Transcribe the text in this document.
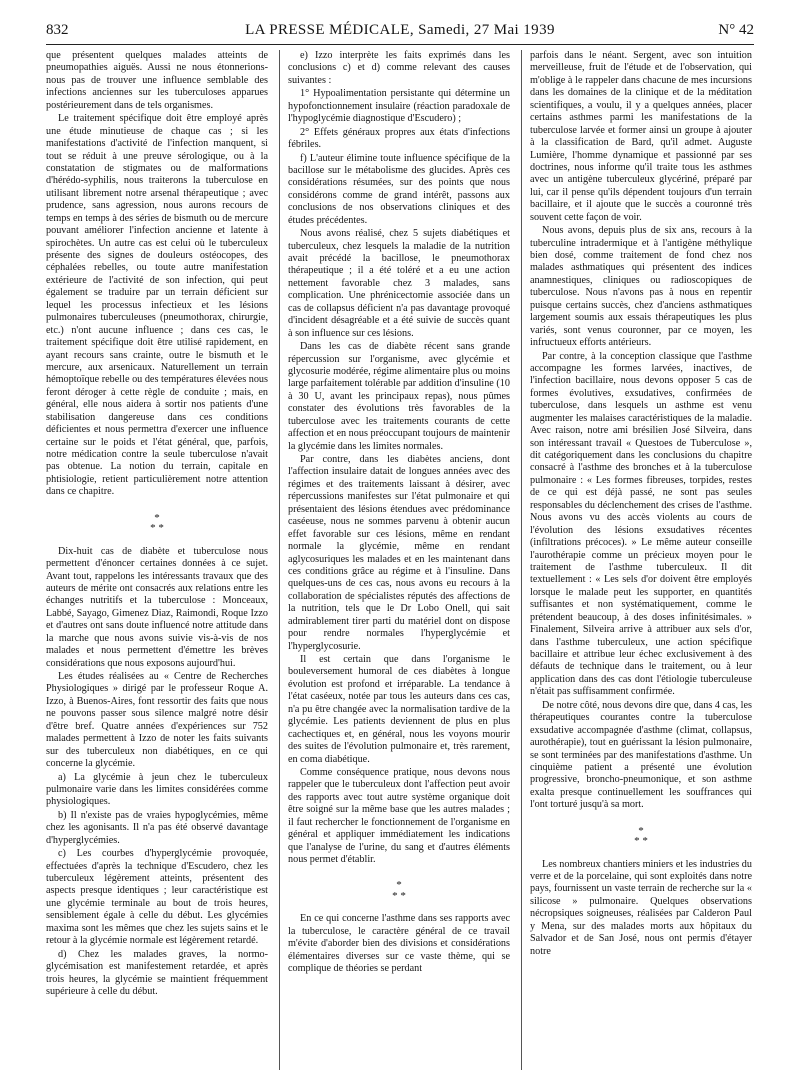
832	LA PRESSE MÉDICALE, Samedi, 27 Mai 1939	N° 42

que présentent quelques malades atteints de pneumopathies aiguës. Aussi ne nous étonnerions-nous pas de trouver une influence semblable des infections anciennes sur les tuberculoses apparues postérieurement dans de tels organismes.

Le traitement spécifique doit être employé après une étude minutieuse de chaque cas ; si les manifestations d'activité de l'infection manquent, si tout se réduit à une preuve sérologique, ou à la constatation de stigmates ou de malformations d'hérédo-syphilis, nous traiterons la tuberculose en utilisant librement notre arsenal thérapeutique ; avec prudence, sans agression, nous aurons recours de temps en temps à des séries de bismuth ou de mercure pouvant améliorer l'infection ancienne et latente à spirochètes. Un autre cas est celui où le tuberculeux présente des signes de douleurs ostéocopes, des céphalées rebelles, ou toute autre manifestation extérieure de l'activité de son infection, qui peut également se traduire par un terrain déficient sur lequel les processus infectieux et les lésions pulmonaires tuberculeuses (pneumothorax, chirurgie, etc.) n'ont aucune influence ; dans ces cas, le traitement spécifique doit être utilisé rapidement, en ayant recours sans crainte, outre le bismuth et le mercure, aux arsenicaux. Naturellement un terrain hémoptoïque rebelle ou des températures élevées nous feront déroger à cette règle de conduite ; mais, en général, elle nous aidera à sortir nos patients d'une stabilisation dangereuse dans ces conditions déficientes et nous permettra d'exercer une influence certaine sur le poids et l'état général, que, parfois, notre médication contre la seule tuberculose n'avait pas obtenue. La notion du terrain, capitale en phtisiologie, retient particulièrement notre attention dans ce chapitre.

*
* *

Dix-huit cas de diabète et tuberculose nous permettent d'énoncer certaines données à ce sujet. Avant tout, rappelons les intéressants travaux que des auteurs de mérite ont consacrés aux relations entre les échanges nutritifs et la tuberculose : Monceaux, Labbé, Sayago, Gimenez Diaz, Raimondi, Roque Izzo et d'autres ont sans doute influencé notre attitude dans la marche que nous avons suivie vis-à-vis de nos malades et nous permettent d'émettre les brèves considérations que nous exposons aujourd'hui.

Les études réalisées au « Centre de Recherches Physiologiques » dirigé par le professeur Roque A. Izzo, à Buenos-Aires, font ressortir des faits que nous ne pouvons passer sous silence malgré notre désir d'être bref. Quatre années d'expériences sur 752 malades permettent à Izzo de noter les faits suivants sur des tuberculeux non diabétiques, en ce qui concerne la glycémie.

a) La glycémie à jeun chez le tuberculeux pulmonaire varie dans les limites considérées comme physiologiques.

b) Il n'existe pas de vraies hypoglycémies, même chez les agonisants. Il n'a pas été observé davantage d'hyperglycémies.

c) Les courbes d'hyperglycémie provoquée, effectuées d'après la technique d'Escudero, chez les tuberculeux légèrement atteints, présentent des aspects presque identiques ; leur caractéristique est une glycémie terminale au bout de trois heures, sensiblement égale à celle du début. Les glycémies maxima sont les mêmes que chez les sujets sains et le retour à la glycémie normale est légèrement retardé.

d) Chez les malades graves, la normo-glycémisation est manifestement retardée, et après trois heures, la glycémie se maintient fréquemment supérieure à celle du début.

e) Izzo interprète les faits exprimés dans les conclusions c) et d) comme relevant des causes suivantes :

1° Hypoalimentation persistante qui détermine un hypofonctionnement insulaire (réaction paradoxale de l'hypoglycémie diagnostique d'Escudero) ;

2° Effets généraux propres aux états d'infections fébriles.

f) L'auteur élimine toute influence spécifique de la bacillose sur le métabolisme des glucides. Après ces considérations résumées, sur des points que nous considérons comme de grand intérêt, passons aux conclusions de nos observations cliniques et des études précédentes.

Nous avons réalisé, chez 5 sujets diabétiques et tuberculeux, chez lesquels la maladie de la nutrition avait précédé la bacillose, le pneumothorax thérapeutique ; il a été toléré et a eu une action nettement favorable chez 3 malades, sans complication. Une phrénicectomie associée dans un cas de collapsus déficient n'a pas davantage provoqué d'incident désagréable et a été suivie de succès quant à son influence sur ces lésions.

Dans les cas de diabète récent sans grande répercussion sur l'organisme, avec glycémie et glycosurie modérée, régime alimentaire plus ou moins large parfaitement tolérable par addition d'insuline (10 à 30 U, avant les principaux repas), nous pûmes constater des évolutions très favorables de la tuberculose avec les traitements courants de cette affection et en nous préoccupant toujours de maintenir la glycémie dans les limites normales.

Par contre, dans les diabètes anciens, dont l'affection insulaire datait de longues années avec des régimes et des traitements laissant à désirer, avec répercussions manifestes sur l'état pulmonaire et qui présentaient des lésions étendues avec prédominance caséeuse, nous ne sommes parvenu à obtenir aucun effet favorable sur ces lésions, même en rendant normale la glycémie, même en rendant aglycosuriques les malades et en les maintenant dans ces conditions grâce au régime et à l'insuline. Dans quelques-uns de ces cas, nous avons eu recours à la collaboration de spécialistes réputés des affections de la nutrition, tels que le Dr Lobo Onell, qui sait admirablement tirer parti du matériel dont on dispose pour rendre normales l'hyperglycémie et l'hyperglycosurie.

Il est certain que dans l'organisme le bouleversement humoral de ces diabètes à longue évolution est profond et irréparable. La tendance à l'état caséeux, notée par tous les auteurs dans ces cas, n'a pu être changée avec la normalisation tardive de la glycémie. Les patients deviennent de plus en plus cachectiques et, en général, nous les voyons mourir des suites de l'évolution pulmonaire et, très rarement, en coma diabétique.

Comme conséquence pratique, nous devons nous rappeler que le tuberculeux dont l'affection peut avoir des rapports avec tout autre système organique doit être soigné sur la même base que les autres malades ; il faut rechercher le fonctionnement de l'organisme en général et appliquer immédiatement les indications que l'analyse de l'urine, du sang et d'autres éléments nous permet d'établir.

*
* *

En ce qui concerne l'asthme dans ses rapports avec la tuberculose, le caractère général de ce travail m'évite d'aborder bien des divisions et considérations élémentaires diverses sur ce vaste thème, qui se complique de théories se perdant

parfois dans le néant. Sergent, avec son intuition merveilleuse, fruit de l'étude et de l'observation, qui m'oblige à le rappeler dans chacune de mes incursions dans les domaines de la clinique et de la méditation scientifiques, a voulu, il y a quelques années, placer certains asthmes parmi les manifestations de la tuberculose larvée et former ainsi un groupe à ajouter à la classification de Bard, qu'il admet. Auguste Lumière, l'homme dynamique et passionné par ses doctrines, nous informe qu'il traite tous les asthmes avec un antigène tuberculeux glycériné, préparé par lui, car il pense qu'ils dépendent toujours d'un terrain bacillaire, et il ajoute que le succès a couronné très souvent cette façon de voir.

Nous avons, depuis plus de six ans, recours à la tuberculine intradermique et à l'antigène méthylique bien dosé, comme traitement de fond chez nos malades asthmatiques qui présentent des indices anamnestiques, cliniques ou radioscopiques de tuberculose. Nous n'avons pas à nous en repentir puisque certains succès, chez d'anciens asthmatiques largement soumis aux essais thérapeutiques les plus variés, sont venus couronner, par ce moyen, les infructueux efforts antérieurs.

Par contre, à la conception classique que l'asthme accompagne les formes larvées, inactives, de l'infection bacillaire, nous devons opposer 5 cas de formes évolutives, exsudatives, confirmées de tuberculose, dans lesquels un asthme est venu augmenter les malaises caractéristiques de la maladie. Avec raison, notre ami brésilien José Silveira, dans son intéressant travail « Questoes de Tuberculose », dit catégoriquement dans les conclusions du chapitre consacré à l'asthme des bronches et à la tuberculose pulmonaire : « Les formes fibreuses, torpides, restes de ce qui est déjà passé, ne sont pas seules responsables du déclenchement des crises de l'asthme. Nous avons vu des accès violents au cours de l'évolution des lésions exsudatives récentes (infiltrations précoces). » Le même auteur conseille l'aurothérapie comme un précieux moyen pour le traitement de l'asthme tuberculeux. Il dit textuellement : « Les sels d'or doivent être employés lorsque le malade peut les supporter, en quantités suffisantes et non systématiquement, comme le prétendent beaucoup, à des doses infinitésimales. » Finalement, Silveira arrive à attribuer aux sels d'or, dans l'asthme tuberculeux, une action spécifique bacillaire et attribue leur échec exclusivement à des défauts de technique dans le traitement, ou à leur application dans des cas dont l'étiologie tuberculeuse n'était pas suffisamment confirmée.

De notre côté, nous devons dire que, dans 4 cas, les thérapeutiques courantes contre la tuberculose exsudative accompagnée d'asthme (climat, collapsus, aurothérapie), tout en guérissant la lésion pulmonaire, se sont terminées par des manifestations d'asthme. Un cinquième patient a présenté une évolution progressive, broncho-pneumonique, et son asthme exalta presque continuellement les souffrances qui l'ont torturé jusqu'à sa mort.

*
* *

Les nombreux chantiers miniers et les industries du verre et de la porcelaine, qui sont exploités dans notre pays, fournissent un vaste terrain de recherche sur la « silicose » pulmonaire. Quelques observations nécropsiques soigneuses, réalisées par Calderon Paul y Mena, sur des malades morts aux hôpitaux du Salvador et de San José, nous ont permis d'étayer notre
